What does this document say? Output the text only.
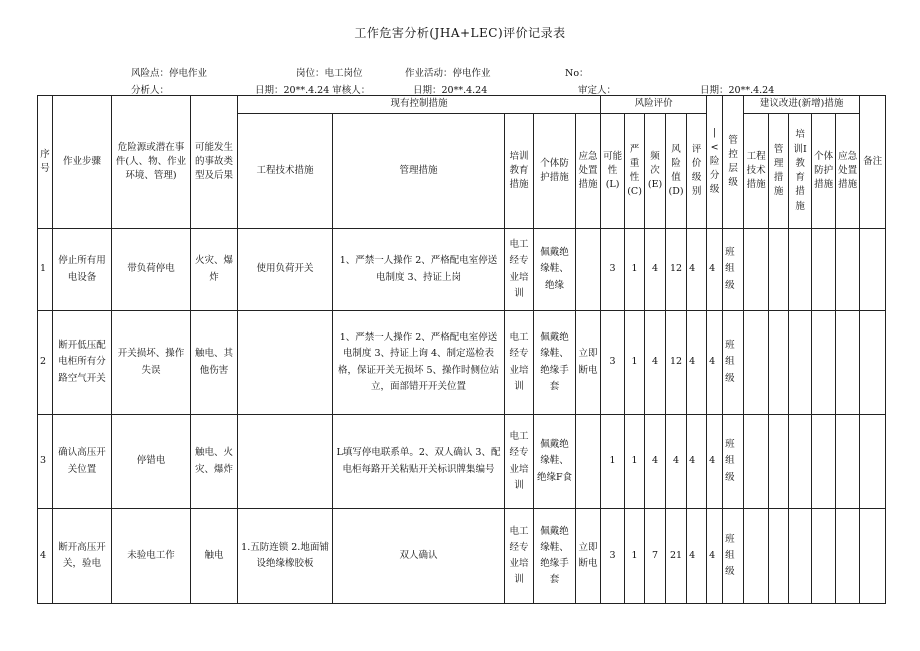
工作危害分析(JHA+LEC)评价记录表
风险点：停电作业	岗位：电工岗位	作业活动：停电作业	No：
分析人：	日期：20**.4.24 审核人：	日期：20**.4.24	审定人：	日期：20**.4.24
序号	作业步骤	危险源或潜在事件(人、物、作业环境、管理)	可能发生的事故类型及后果	现有控制措施					风险评价					|<险分级	管控层级	建议改进(新增)措施					备注
				工程技术措施	管理措施	培训教育措施	个体防护措施	应急处置措施	可能性(L)	严重性(C)	频次(E)	风险值(D)	评价级别			工程技术措施	管理措施	培训I教育措施	个体防护措施	应急处置措施	
1	停止所有用电设备	带负荷停电	火灾、爆炸	使用负荷开关	1、严禁一人操作 2、严格配电室停送电制度 3、持证上岗	电工经专业培训	佩戴绝缘鞋、绝缘		3	1	4	12	4	4	班组级						
2	断开低压配电柜所有分路空气开关	开关损坏、操作失误	触电、其他伤害		1、严禁一人操作 2、严格配电室停送电制度 3、持证上询 4、制定巡检表格，保证开关无损坏 5、操作时侧位站立，面部错开开关位置	电工经专业培训	佩戴绝缘鞋、绝缘手套	立即断电	3	1	4	12	4	4	班组级						
3	确认高压开关位置	停错电	触电、火灾、爆炸		L填写停电联系单。2、双人确认 3、配电柜每路开关粘贴开关标识牌集编号	电工经专业培训	佩戴绝缘鞋、绝缘F食		1	1	4	4	4	4	班组级						
4	断开高压开关，验电	未验电工作	触电	1.五防连锁 2.地面铺设绝缘橡胶板	双人确认	电工经专业培训	佩戴绝缘鞋、绝缘手套	立即断电	3	1	7	21	4	4	班组级						
